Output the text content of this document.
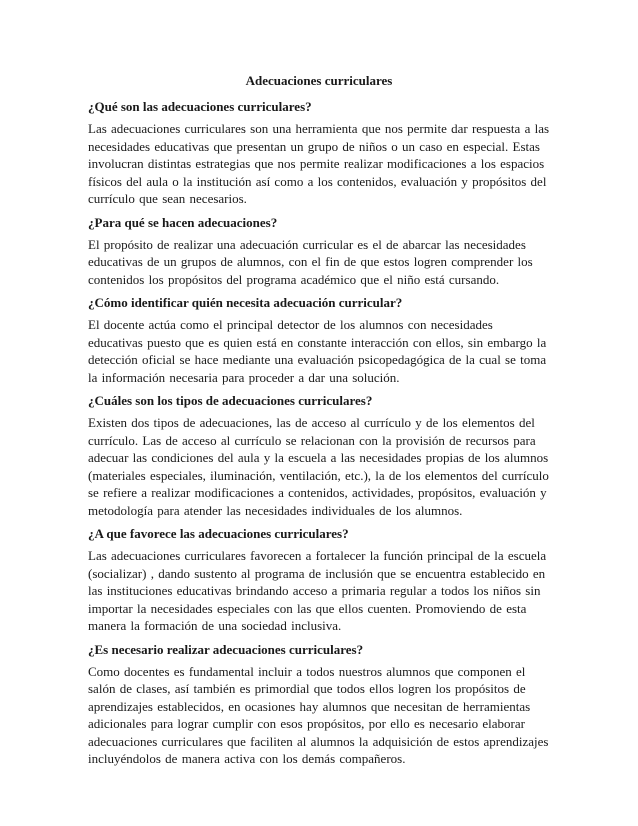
Adecuaciones curriculares
¿Qué son las adecuaciones curriculares?
Las adecuaciones curriculares son una herramienta que nos permite dar respuesta a las necesidades educativas que presentan un grupo de niños o un caso en especial. Estas involucran distintas estrategias que nos permite realizar modificaciones a los espacios físicos del aula o la institución así como a los contenidos, evaluación y propósitos del currículo que sean necesarios.
¿Para qué se hacen adecuaciones?
El propósito de realizar una adecuación curricular es el de abarcar las necesidades educativas de un grupos de alumnos, con el fin de que estos logren comprender los contenidos los propósitos del programa académico que el niño está cursando.
¿Cómo identificar quién necesita adecuación curricular?
El docente actúa como el principal detector de los alumnos con necesidades educativas puesto que es quien está en constante interacción con ellos, sin embargo la detección oficial se hace mediante una evaluación psicopedagógica de la cual se toma la información necesaria para proceder a dar una solución.
¿Cuáles son los tipos de adecuaciones curriculares?
Existen dos tipos de adecuaciones, las de acceso al currículo y de los elementos del currículo. Las de acceso al currículo se relacionan con la provisión de recursos para adecuar las condiciones del aula y la escuela a las necesidades propias de los alumnos (materiales especiales, iluminación, ventilación, etc.), la de los elementos del currículo se refiere a realizar modificaciones a contenidos, actividades, propósitos, evaluación y metodología para atender las necesidades individuales de los alumnos.
¿A que favorece las adecuaciones curriculares?
Las adecuaciones curriculares favorecen a fortalecer la función principal de la escuela (socializar) , dando sustento al programa de inclusión que se encuentra establecido en las instituciones educativas brindando acceso a primaria regular a todos los niños sin importar la necesidades especiales con las que ellos cuenten. Promoviendo de esta manera la formación de una sociedad inclusiva.
¿Es necesario realizar adecuaciones curriculares?
Como docentes es fundamental incluir a todos nuestros alumnos que componen el salón de clases, así también es primordial que todos ellos logren los propósitos de aprendizajes establecidos, en ocasiones hay alumnos que necesitan de herramientas adicionales para lograr cumplir con esos propósitos, por ello es necesario elaborar adecuaciones curriculares que faciliten al alumnos la adquisición de estos aprendizajes incluyéndolos de manera activa con los demás compañeros.
